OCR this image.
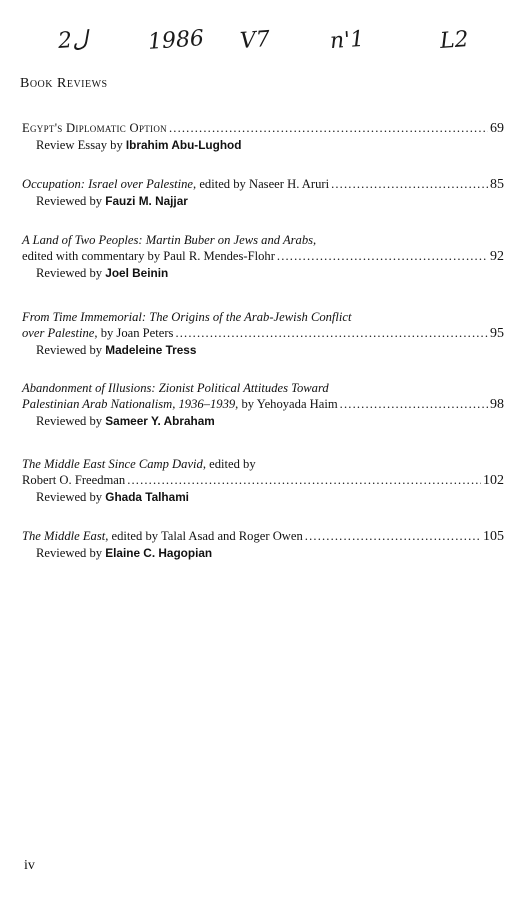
2ل	1986 V7	n'1	L2
Book Reviews
Egypt's Diplomatic Option . . .	69
Review Essay by Ibrahim Abu-Lughod
Occupation: Israel over Palestine, edited by Naseer H. Aruri . . .	85
Reviewed by Fauzi M. Najjar
A Land of Two Peoples: Martin Buber on Jews and Arabs,
edited with commentary by Paul R. Mendes-Flohr . . .	92
Reviewed by Joel Beinin
From Time Immemorial: The Origins of the Arab-Jewish Conflict
over Palestine, by Joan Peters . . .	95
Reviewed by Madeleine Tress
Abandonment of Illusions: Zionist Political Attitudes Toward
Palestinian Arab Nationalism, 1936–1939, by Yehoyada Haim . . .	98
Reviewed by Sameer Y. Abraham
The Middle East Since Camp David, edited by
Robert O. Freedman . . .	102
Reviewed by Ghada Talhami
The Middle East, edited by Talal Asad and Roger Owen . . .	105
Reviewed by Elaine C. Hagopian
iv
